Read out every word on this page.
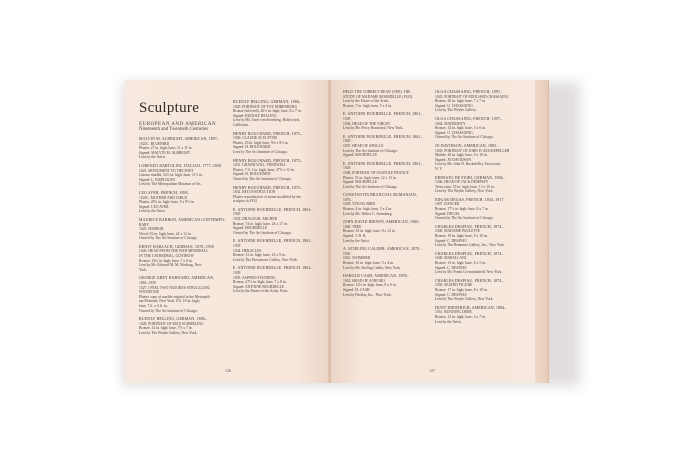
Sculpture
EUROPEAN AND AMERICAN
Nineteenth and Twentieth Centuries
MALVIN M. ALBRIGHT, AMERICAN, 1897–
1022C. BLUEBIRD
Plaster, 27 in. high; base, 11 x 11 in.
Signed: MALVIN M. ALBRIGHT
Lent by the Artist.
LORENZO BARTOLINI, ITALIAN, 1777–1850
1023. MONUMENT TO THE POET
Carrara marble, 32½ in. high; base, 11½ in.
Signed: L. BARTOLINI
Lent by The Metropolitan Museum of Art.
LEO AVER, FRENCH, 1890–
1024C. MOTHER AND CHILD
Plaster, 20½ in. high; base, 9 x 9½ in.
Signed: LEO AVER
Lent by the Artist.
MAURICE BARRON, AMERICAN CONTEMPO-
RARY
1025. HARBOR
Wood, 92 in. high; base, 24 x 12 in.
Owned by The Art Institute of Chicago.
ERNST BARLACH, GERMAN, 1870–1938
1026. HEAD FROM THE WAR MEMORIAL
IN THE CATHEDRAL, GÜSTROW
Bronze, 13¾ in. high; base, 7 x 8 in.
Lent by Mr. Edward M. M. Warburg, New
York.
GEORGE GREY BARNARD, AMERICAN,
1863–1938
1027. I FEEL TWO NATURES STRUGGLING
WITHIN ME
Plaster copy of marble original in the Metropoli-
tan Museum, New York. 8 ft. 10 in. high;
base, 7 ft. x 4 ft. in.
Owned by The Art Institute of Chicago.
RUDOLF BELLING, GERMAN, 1886–
1028. PORTRAIT OF MAX SCHMELING
Bronze, 14 in. high; base, 7½ x 7 in.
Lent by The Weyhe Gallery, New York.
RUDOLF BELLING, GERMAN, 1886–
1029. PORTRAIT OF TOY EHRENBURG
Bronze (silvered), 20½ in. high; base, 8 x 7 in.
Signed: RUDOLF BELLING
Lent by Mr. Josef von Sternberg, Hollywood,
California.
HENRY BOUCHARD, FRENCH, 1875–
1030. CLAUDE SCULPTOR
Plaster, 23 in. high; base, 9¼ x 9½ in.
Signed: H. BOUCHARD
Lent by The Art Institute of Chicago.
HENRY BOUCHARD, FRENCH, 1875–
1031. GRAND WILL-TREDWELL
Plaster, 7 ft. 1 in. high; base, 37½ x 12 in.
Signed: H. BOUCHARD
Owned by The Art Institute of Chicago.
HENRY BOUCHARD, FRENCH, 1875–
1032. RECONSTRUCTION
Plaster reproduction of statue modelled by the
sculptor in 1932
E. ANTOINE BOURDELLE, FRENCH, 1861–
1929
1033. DRAGOUR, ARCHER
Bronze, 74 in. high; base, 24 x 17 in.
Signed: BOURDELLE
Owned by The Art Institute of Chicago.
E. ANTOINE BOURDELLE, FRENCH, 1861–
1929
1034. HERACLES
Bronze, 31 in. high; base, 12 x 9 in.
Lent by The Downtown Gallery, New York.
E. ANTOINE BOURDELLE, FRENCH, 1861–
1929
1035. SAPPHO STANDING
Bronze, 27½ in. high; base, 7 x 8 in.
Signed: ANTOINE BOURDELLE
Lent by the Estate of the Artist, Paris.
126
HELD. THE CORRECT HEAD (1909). THE
STUDY OF MADAME BOURDELLE (1923).
Lent by the Estate of the Artist.
Bronze, 7 in. high; base, 5 x 4 in.
E. ANTOINE BOURDELLE, FRENCH, 1861–
1929
1036. HEAD OF THE VIRGIN
Lent by Mr. Percy Bransford, New York.
E. ANTOINE BOURDELLE, FRENCH, 1861–
1929
1037. HEAD OF APOLLO
Lent by The Art Institute of Chicago.
Signed: BOURDELLE
E. ANTOINE BOURDELLE, FRENCH, 1861–
1929
1038. PORTRAIT OF ANATOLE FRANCE
Plaster, 31 in. high; base, 12 x 12 in.
Signed: BOURDELLE
Lent by The Art Institute of Chicago.
CONSTANTIN BRANCUSI, RUMANIAN,
1876–
1039. YOUNG BIRD
Bronze, 4 in. high; base, 5 x 4 in.
Lent by Mr. Walter C. Arensberg.
JOHN DAVID BROWN, AMERICAN, 1900–
1040. TREE
Bronze, 33 in. high; base, 8 x 12 in.
Signed: J. D. B.
Lent by the Artist.
A. STIRLING CALDER, AMERICAN, 1870–
1945
1041. SWIMMER
Bronze, 16 in. high; base, 5 x 4 in.
Lent by Mr. Stirling Calder, New York.
HAROLD CASH, AMERICAN, 1895–
1042. HEAD OF A NEGRO
Bronze, 12½ in. high; base, 8 x 6 in.
Signed: H. CASH
Lent by Findlay, Inc., New York.
OLGA CHASSAING, FRENCH, 1897–
1043. PORTRAIT OF EDOUARD CHASSAING
Bronze, 20 in. high; base, 7 x 7 in.
Signed: O. CHASSAING
Lent by The Weyhe Gallery.
OLGA CHASSAING, FRENCH, 1897–
1044. MATERNITY
Bronze, 14 in. high; base, 5 x 6 in.
Signed: O. CHASSAING
Owned by The Art Institute of Chicago.
JO DAVIDSON, AMERICAN, 1883–
1045. PORTRAIT OF JOHN D. ROCKEFELLER
Marble, 20 in. high; base, 9 x 10 in.
Signed: JO DAVIDSON
Lent by Mr. John D. Rockefeller, Tarrytown,
N. Y.
ERNESTO DE FIORI, GERMAN, 1884–
1046. HEAD OF JACK DEMPSEY
Terra cotta, 19 in. high; base, 13 x 10 in.
Lent by The Weyhe Gallery, New York.
EDGAR DEGAS, FRENCH, 1834–1917
1047. DANCER
Bronze, 17½ in. high; base, 8 x 7 in.
Signed: DEGAS
Owned by The Art Institute of Chicago.
CHARLES DESPIAU, FRENCH, 1874–
1048. MADAME PAULETTE
Bronze, 19 in. high; base, 9 x 10 in.
Signed: C. DESPIAU
Lent by The Brummer Gallery, Inc., New York.
CHARLES DESPIAU, FRENCH, 1874–
1049. MARIA LANI
Bronze, 13 in. high; base, 6 x 5 in.
Signed: C. DESPIAU
Lent by Mr. Frank Crowninshield, New York.
CHARLES DESPIAU, FRENCH, 1874–
1050. SEATED FIGURE
Bronze, 17 in. high; base, 8 x 10 in.
Signed: C. DESPIAU
Lent by The Weyhe Gallery, New York.
HUNT DIEDERICH, AMERICAN, 1884–
1051. RUNNING DEER
Bronze, 12 in. high; base, 4 x 7 in.
Lent by the Artist.
127
